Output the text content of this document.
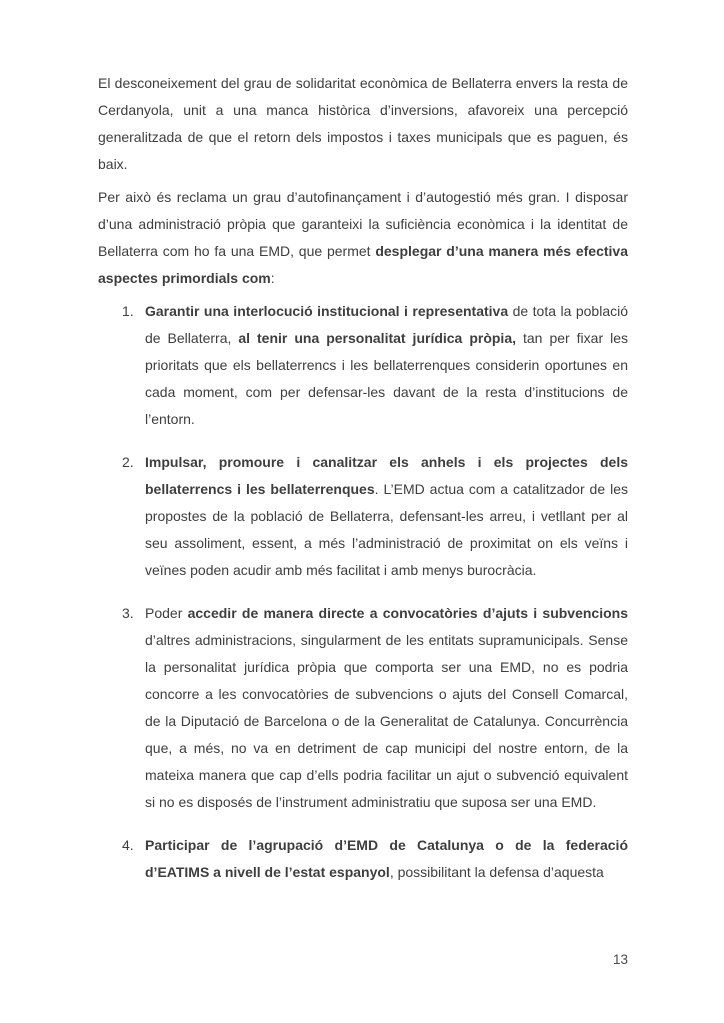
El desconeixement del grau de solidaritat econòmica de Bellaterra envers la resta de Cerdanyola, unit a una manca històrica d’inversions, afavoreix una percepció generalitzada de que el retorn dels impostos i taxes municipals que es paguen, és baix.

Per això és reclama un grau d’autofinançament i d’autogestió més gran. I disposar d’una administració pròpia que garanteixi la suficiència econòmica i la identitat de Bellaterra com ho fa una EMD, que permet desplegar d’una manera més efectiva aspectes primordials com:

1. Garantir una interlocució institucional i representativa de tota la població de Bellaterra, al tenir una personalitat jurídica pròpia, tan per fixar les prioritats que els bellaterrencs i les bellaterrenques considerin oportunes en cada moment, com per defensar-les davant de la resta d’institucions de l’entorn.
2. Impulsar, promoure i canalitzar els anhels i els projectes dels bellaterrencs i les bellaterrenques. L’EMD actua com a catalitzador de les propostes de la població de Bellaterra, defensant-les arreu, i vetllant per al seu assoliment, essent, a més l’administració de proximitat on els veïns i veïnes poden acudir amb més facilitat i amb menys burocràcia.
3. Poder accedir de manera directe a convocatòries d’ajuts i subvencions d’altres administracions, singularment de les entitats supramunicipals. Sense la personalitat jurídica pròpia que comporta ser una EMD, no es podria concorre a les convocatòries de subvencions o ajuts del Consell Comarcal, de la Diputació de Barcelona o de la Generalitat de Catalunya. Concurrència que, a més, no va en detriment de cap municipi del nostre entorn, de la mateixa manera que cap d’ells podria facilitar un ajut o subvenció equivalent si no es disposés de l’instrument administratiu que suposa ser una EMD.
4. Participar de l’agrupació d’EMD de Catalunya o de la federació d’EATIMS a nivell de l’estat espanyol, possibilitant la defensa d’aquesta
13
